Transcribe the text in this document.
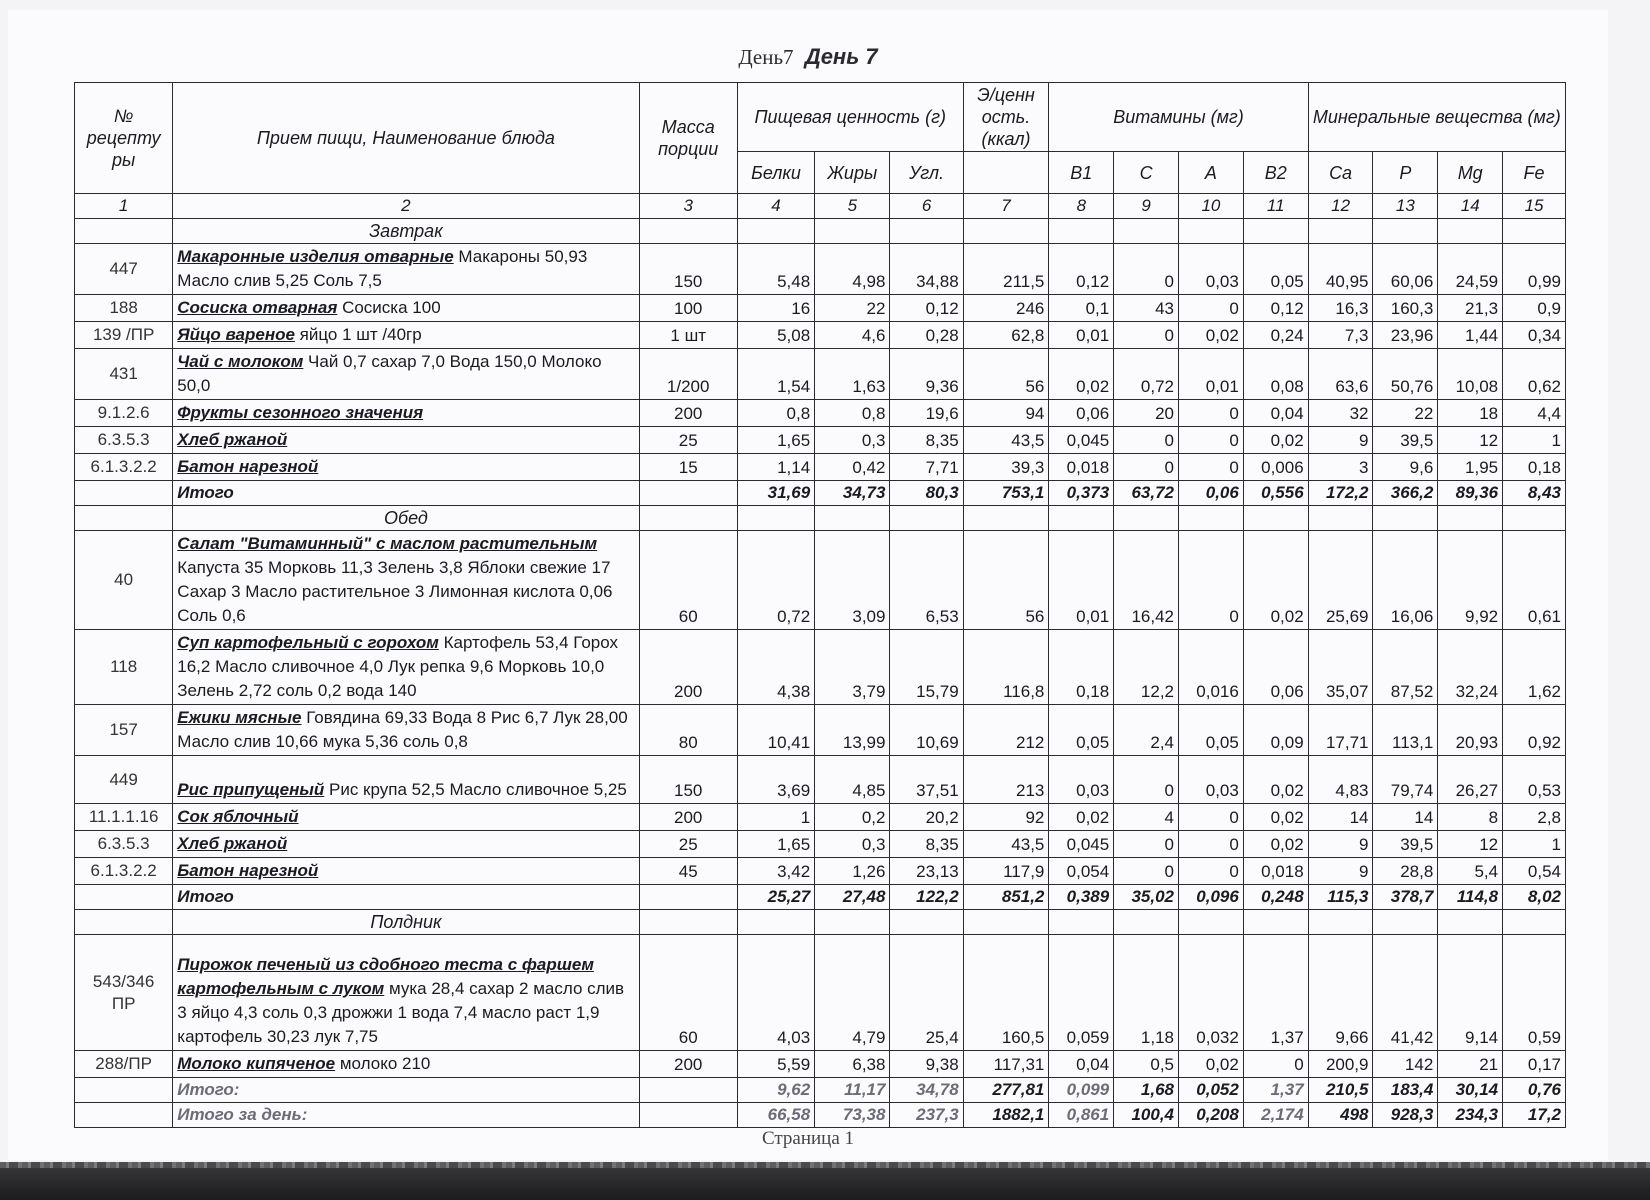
День7 День 7
№ рецепту ры	Прием пищи, Наименование блюда	Масса порции	Пищевая ценность (г)			Э/ценн ость. (ккал)	Витамины (мг)				Минеральные вещества (мг)			
			Белки	Жиры	Угл.		B1	C	A	B2	Ca	P	Mg	Fe
1	2	3	4	5	6	7	8	9	10	11	12	13	14	15
	Завтрак													
447	Макаронные изделия отварные Макароны 50,93 Масло слив 5,25 Соль 7,5	150	5,48	4,98	34,88	211,5	0,12	0	0,03	0,05	40,95	60,06	24,59	0,99
188	Сосиска отварная Сосиска 100	100	16	22	0,12	246	0,1	43	0	0,12	16,3	160,3	21,3	0,9
139 /ПР	Яйцо вареное яйцо 1 шт /40гр	1 шт	5,08	4,6	0,28	62,8	0,01	0	0,02	0,24	7,3	23,96	1,44	0,34
431	Чай с молоком Чай 0,7 сахар 7,0 Вода 150,0 Молоко 50,0	1/200	1,54	1,63	9,36	56	0,02	0,72	0,01	0,08	63,6	50,76	10,08	0,62
9.1.2.6	Фрукты сезонного значения	200	0,8	0,8	19,6	94	0,06	20	0	0,04	32	22	18	4,4
6.3.5.3	Хлеб ржаной	25	1,65	0,3	8,35	43,5	0,045	0	0	0,02	9	39,5	12	1
6.1.3.2.2	Батон нарезной	15	1,14	0,42	7,71	39,3	0,018	0	0	0,006	3	9,6	1,95	0,18
	Итого		31,69	34,73	80,3	753,1	0,373	63,72	0,06	0,556	172,2	366,2	89,36	8,43
	Обед													
40	Салат "Витаминный" с маслом растительным Капуста 35 Морковь 11,3 Зелень 3,8 Яблоки свежие 17 Сахар 3 Масло растительное 3 Лимонная кислота 0,06 Соль 0,6	60	0,72	3,09	6,53	56	0,01	16,42	0	0,02	25,69	16,06	9,92	0,61
118	Суп картофельный с горохом Картофель 53,4 Горох 16,2 Масло сливочное 4,0 Лук репка 9,6 Морковь 10,0 Зелень 2,72 соль 0,2 вода 140	200	4,38	3,79	15,79	116,8	0,18	12,2	0,016	0,06	35,07	87,52	32,24	1,62
157	Ежики мясные Говядина 69,33 Вода 8 Рис 6,7 Лук 28,00 Масло слив 10,66 мука 5,36 соль 0,8	80	10,41	13,99	10,69	212	0,05	2,4	0,05	0,09	17,71	113,1	20,93	0,92
449	Рис припущеный Рис крупа 52,5 Масло сливочное 5,25	150	3,69	4,85	37,51	213	0,03	0	0,03	0,02	4,83	79,74	26,27	0,53
11.1.1.16	Сок яблочный	200	1	0,2	20,2	92	0,02	4	0	0,02	14	14	8	2,8
6.3.5.3	Хлеб ржаной	25	1,65	0,3	8,35	43,5	0,045	0	0	0,02	9	39,5	12	1
6.1.3.2.2	Батон нарезной	45	3,42	1,26	23,13	117,9	0,054	0	0	0,018	9	28,8	5,4	0,54
	Итого		25,27	27,48	122,2	851,2	0,389	35,02	0,096	0,248	115,3	378,7	114,8	8,02
	Полдник													
543/346 ПР	Пирожок печеный из сдобного теста с фаршем картофельным с луком мука 28,4 сахар 2 масло слив 3 яйцо 4,3 соль 0,3 дрожжи 1 вода 7,4 масло раст 1,9 картофель 30,23 лук 7,75	60	4,03	4,79	25,4	160,5	0,059	1,18	0,032	1,37	9,66	41,42	9,14	0,59
288/ПР	Молоко кипяченое молоко 210	200	5,59	6,38	9,38	117,31	0,04	0,5	0,02	0	200,9	142	21	0,17
	Итого:		9,62	11,17	34,78	277,81	0,099	1,68	0,052	1,37	210,5	183,4	30,14	0,76
	Итого за день:		66,58	73,38	237,3	1882,1	0,861	100,4	0,208	2,174	498	928,3	234,3	17,2
Страница 1
